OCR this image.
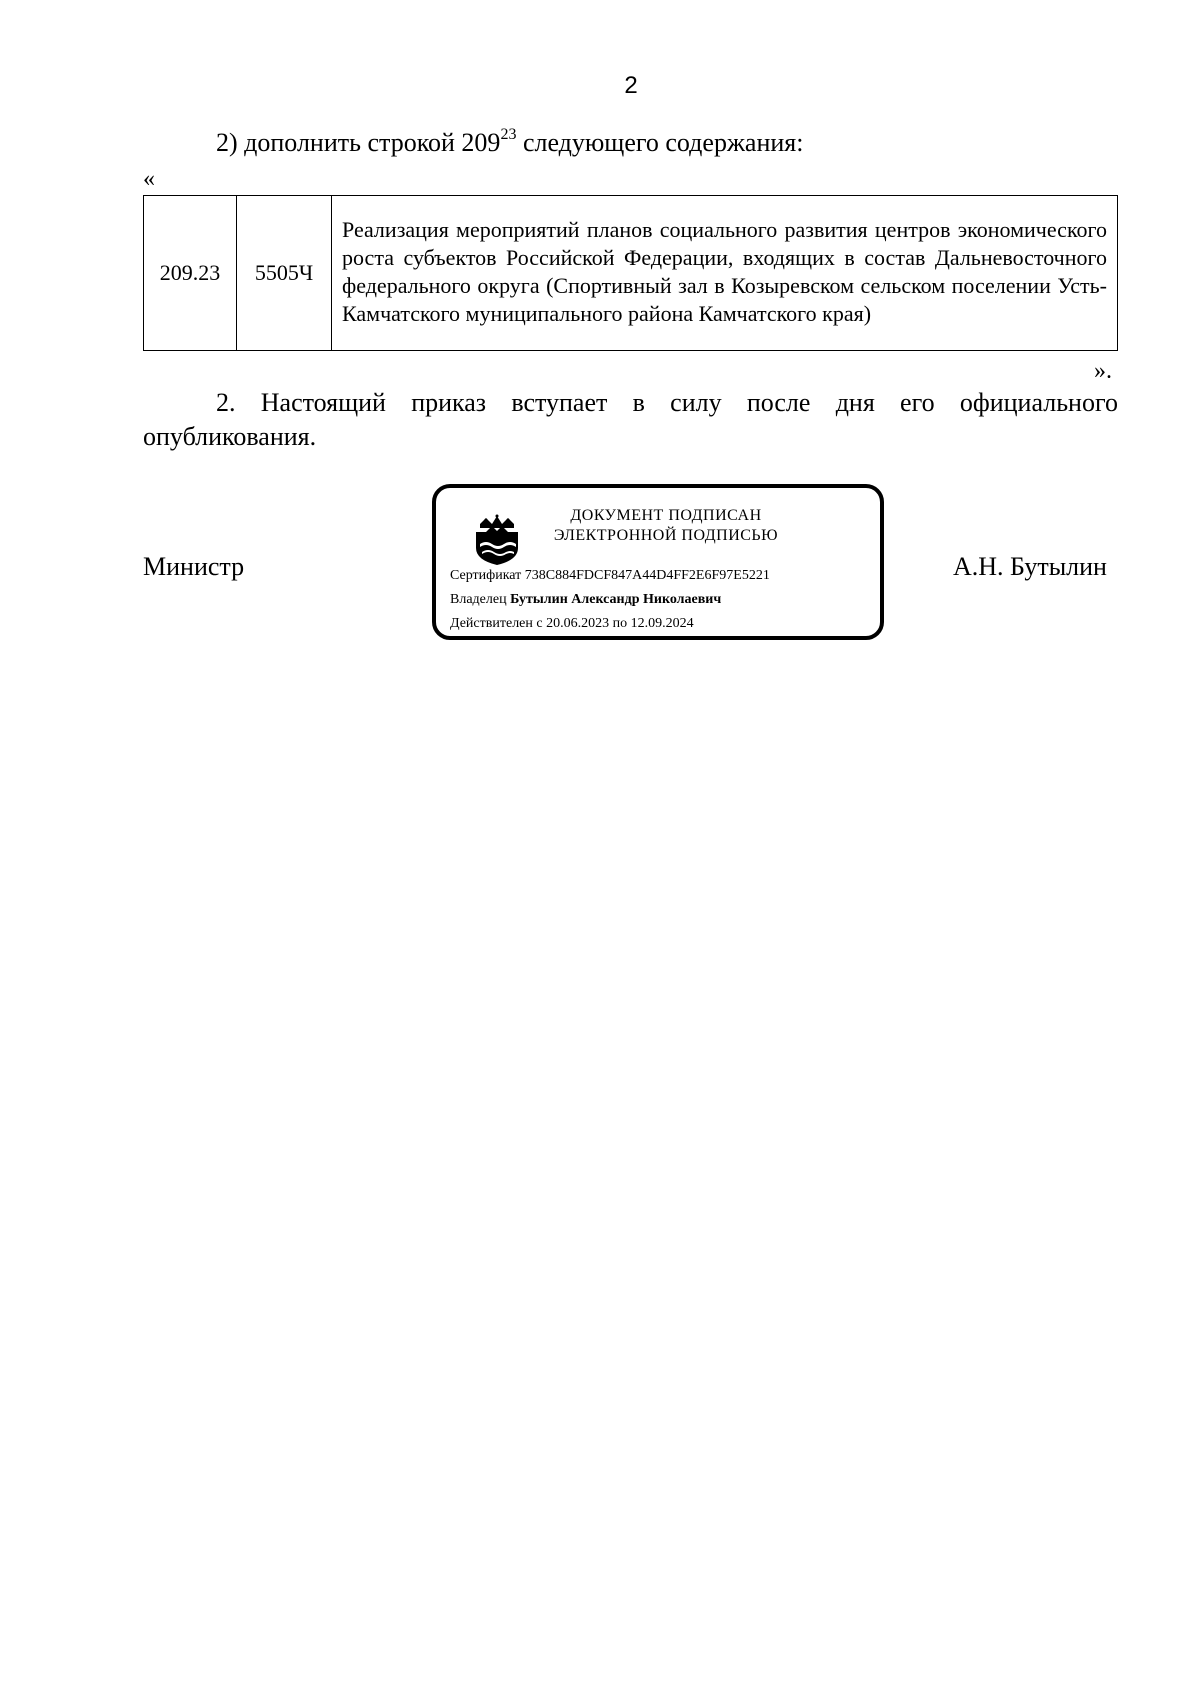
2
2) дополнить строкой $209^{23}$ следующего содержания:
«
209.23	5505Ч	Реализация мероприятий планов социального развития центров экономического роста субъектов Российской Федерации, входящих в состав Дальневосточного федерального округа (Спортивный зал в Козыревском сельском поселении Усть-Камчатского муниципального района Камчатского края)
».
2. Настоящий приказ вступает в силу после дня его официального опубликования.
Министр
ДОКУМЕНТ ПОДПИСАН
ЭЛЕКТРОННОЙ ПОДПИСЬЮ
Сертификат 738C884FDCF847A44D4FF2E6F97E5221
Владелец Бутылин Александр Николаевич
Действителен с 20.06.2023 по 12.09.2024
А.Н. Бутылин
